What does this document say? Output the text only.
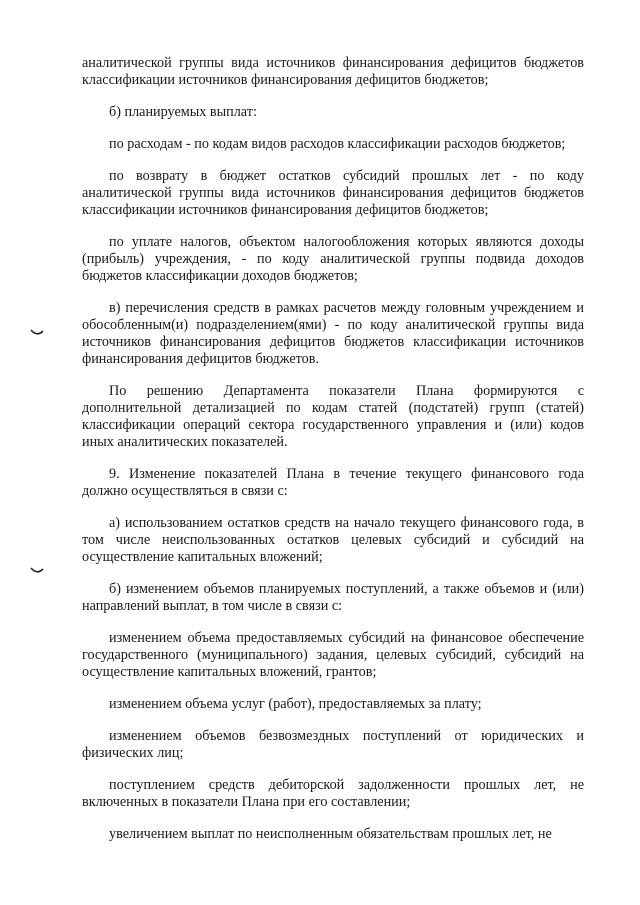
аналитической группы вида источников финансирования дефицитов бюджетов классификации источников финансирования дефицитов бюджетов;

б) планируемых выплат:

по расходам - по кодам видов расходов классификации расходов бюджетов;

по возврату в бюджет остатков субсидий прошлых лет - по коду аналитической группы вида источников финансирования дефицитов бюджетов классификации источников финансирования дефицитов бюджетов;

по уплате налогов, объектом налогообложения которых являются доходы (прибыль) учреждения, - по коду аналитической группы подвида доходов бюджетов классификации доходов бюджетов;

в) перечисления средств в рамках расчетов между головным учреждением и обособленным(и) подразделением(ями) - по коду аналитической группы вида источников финансирования дефицитов бюджетов классификации источников финансирования дефицитов бюджетов.

По решению Департамента показатели Плана формируются с дополнительной детализацией по кодам статей (подстатей) групп (статей) классификации операций сектора государственного управления и (или) кодов иных аналитических показателей.

9. Изменение показателей Плана в течение текущего финансового года должно осуществляться в связи с:

а) использованием остатков средств на начало текущего финансового года, в том числе неиспользованных остатков целевых субсидий и субсидий на осуществление капитальных вложений;

б) изменением объемов планируемых поступлений, а также объемов и (или) направлений выплат, в том числе в связи с:

изменением объема предоставляемых субсидий на финансовое обеспечение государственного (муниципального) задания, целевых субсидий, субсидий на осуществление капитальных вложений, грантов;

изменением объема услуг (работ), предоставляемых за плату;

изменением объемов безвозмездных поступлений от юридических и физических лиц;

поступлением средств дебиторской задолженности прошлых лет, не включенных в показатели Плана при его составлении;

увеличением выплат по неисполненным обязательствам прошлых лет, не
